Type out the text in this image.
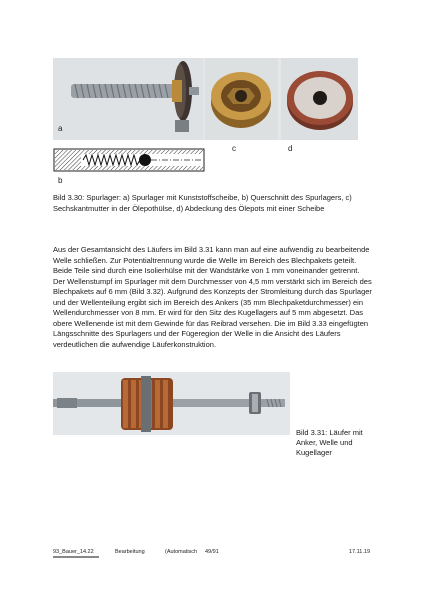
a
c	d
b
Bild 3.30: Spurlager: a) Spurlager mit Kunststoffscheibe, b) Querschnitt des Spurlagers, c) Sechskantmutter in der Ölepothülse, d) Abdeckung des Ölepots mit einer Scheibe
Aus der Gesamtansicht des Läufers im Bild 3.31 kann man auf eine aufwendig zu bearbeitende Welle schließen. Zur Potentialtrennung wurde die Welle im Bereich des Blechpakets geteilt. Beide Teile sind durch eine Isolierhülse mit der Wandstärke von 1 mm voneinander getrennt. Der Wellenstumpf im Spurlager mit dem Durchmesser von 4,5 mm verstärkt sich im Bereich des Blechpakets auf 6 mm (Bild 3.32). Aufgrund des Konzepts der Stromleitung durch das Spurlager und der Wellenteilung ergibt sich im Bereich des Ankers (35 mm Blechpaketdurchmesser) ein Wellendurchmesser von 8 mm. Er wird für den Sitz des Kugellagers auf 5 mm abgesetzt. Das obere Wellenende ist mit dem Gewinde für das Reibrad versehen. Die im Bild 3.33 eingefügten Längsschnitte des Spurlagers und der Fügeregion der Welle in die Ansicht des Läufers verdeutlichen die aufwendige Läuferkonstruktion.
Bild 3.31: Läufer mit Anker, Welle und Kugellager
93_Bauer_14.22	Bearbeitung	(Automatisch 49/91	17.11.19
